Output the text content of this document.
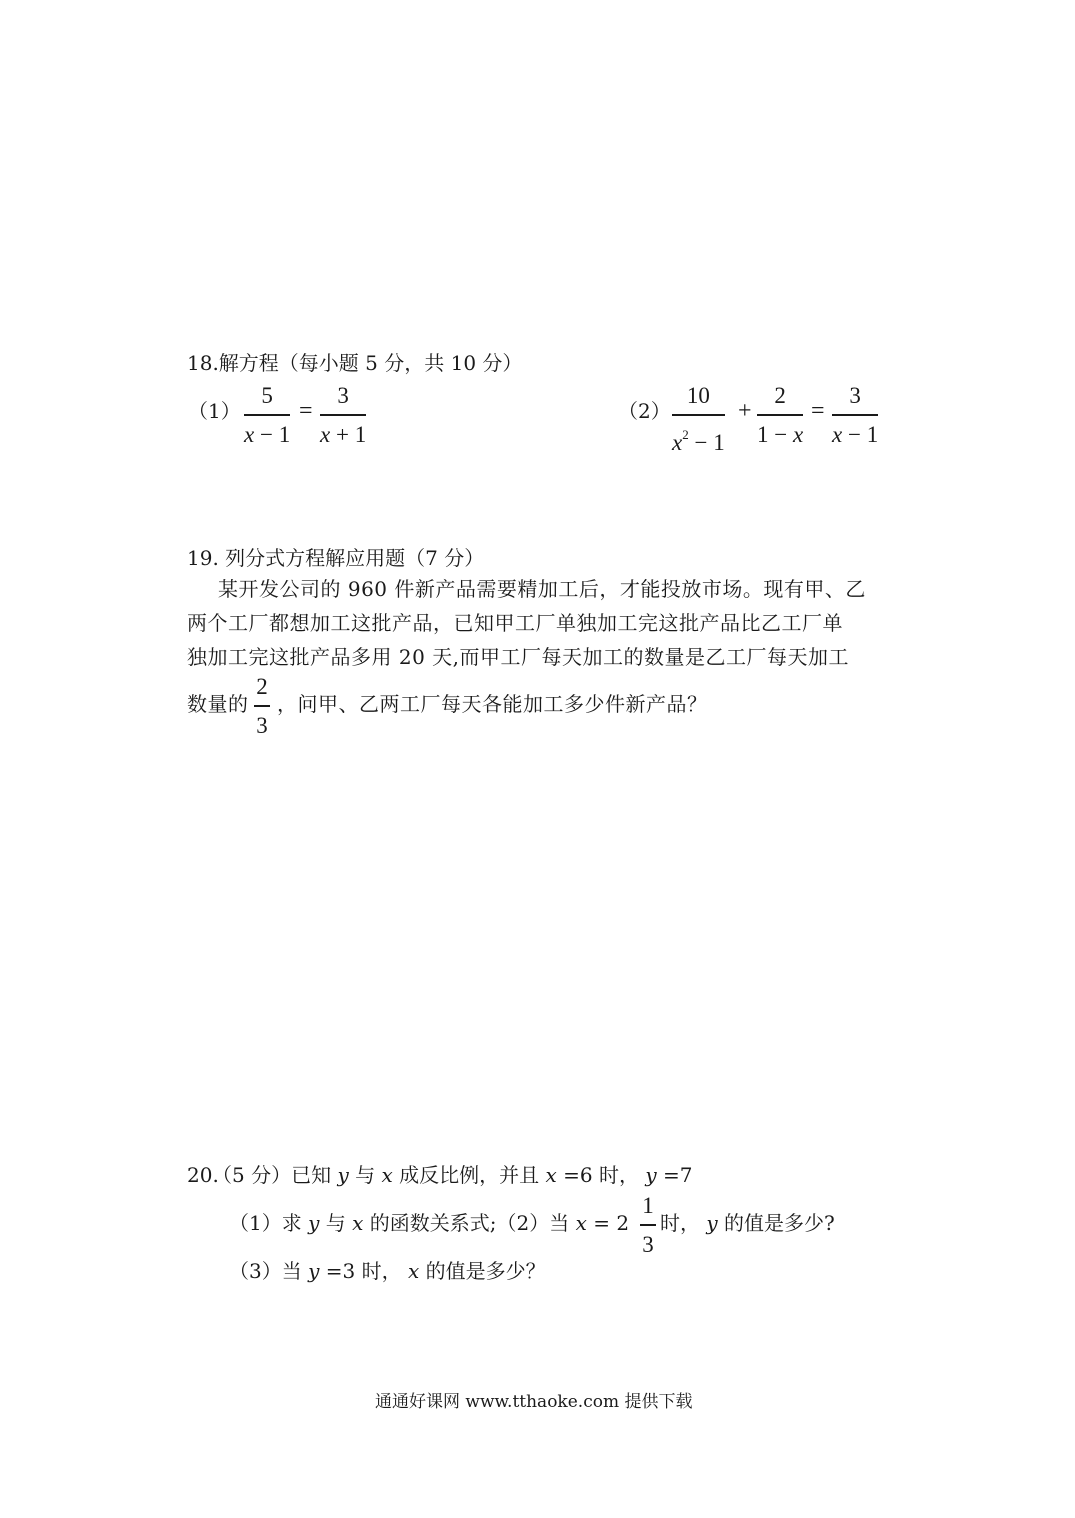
18.解方程（每小题 5 分，共 10 分）
（1）
5
x − 1
=
3
x + 1
（2）
10
$x^2 - 1$
+
2
1 − x
=
3
x − 1
19. 列分式方程解应用题（7 分）
某开发公司的 960 件新产品需要精加工后，才能投放市场。现有甲、乙
两个工厂都想加工这批产品，已知甲工厂单独加工完这批产品比乙工厂单
独加工完这批产品多用 20 天,而甲工厂每天加工的数量是乙工厂每天加工
数量的
2
3
，问甲、乙两工厂每天各能加工多少件新产品？
20.
（5 分）已知 y 与 x 成反比例，并且 x =6 时， y =7
（1）求 y 与 x 的函数关系式;（2）当 x = 2
1
3
时， y 的值是多少?
（3）当 y =3 时， x 的值是多少？
通通好课网 www.tthaoke.com 提供下载
